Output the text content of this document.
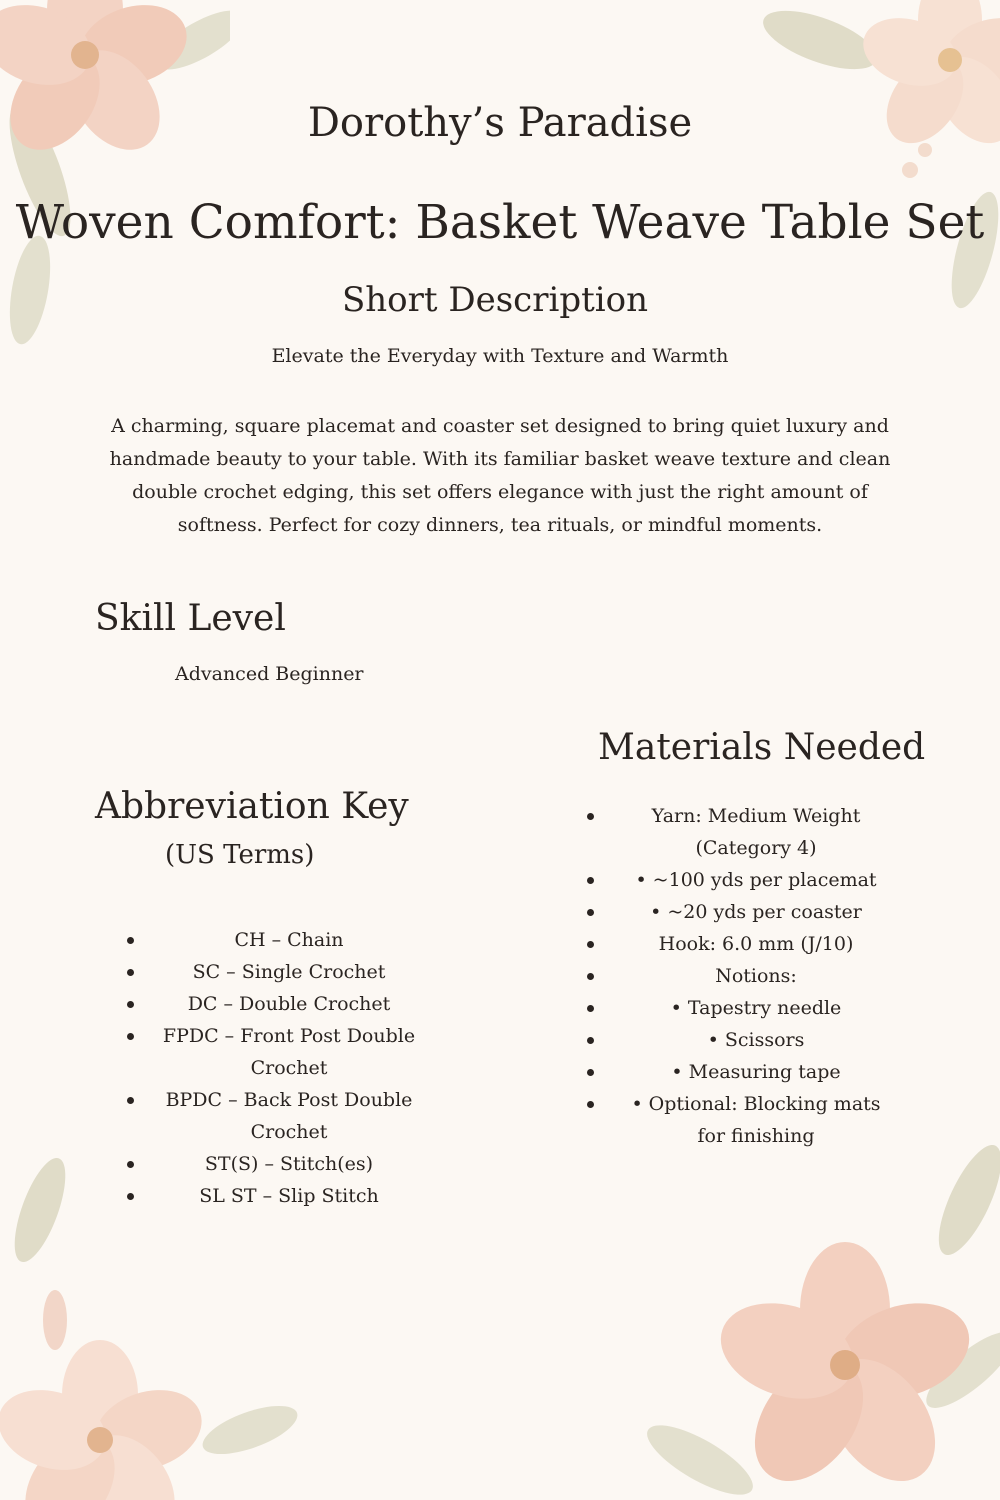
Dorothy’s Paradise
Woven Comfort: Basket Weave Table Set
Short Description
Elevate the Everyday with Texture and Warmth
A charming, square placemat and coaster set designed to bring quiet luxury and handmade beauty to your table. With its familiar basket weave texture and clean double crochet edging, this set offers elegance with just the right amount of softness. Perfect for cozy dinners, tea rituals, or mindful moments.
Skill Level
Advanced Beginner
Abbreviation Key
(US Terms)
CH – Chain
SC – Single Crochet
DC – Double Crochet
FPDC – Front Post Double Crochet
BPDC – Back Post Double Crochet
ST(S) – Stitch(es)
SL ST – Slip Stitch
Materials Needed
Yarn: Medium Weight (Category 4)
• ~100 yds per placemat
• ~20 yds per coaster
Hook: 6.0 mm (J/10)
Notions:
• Tapestry needle
• Scissors
• Measuring tape
• Optional: Blocking mats for finishing
